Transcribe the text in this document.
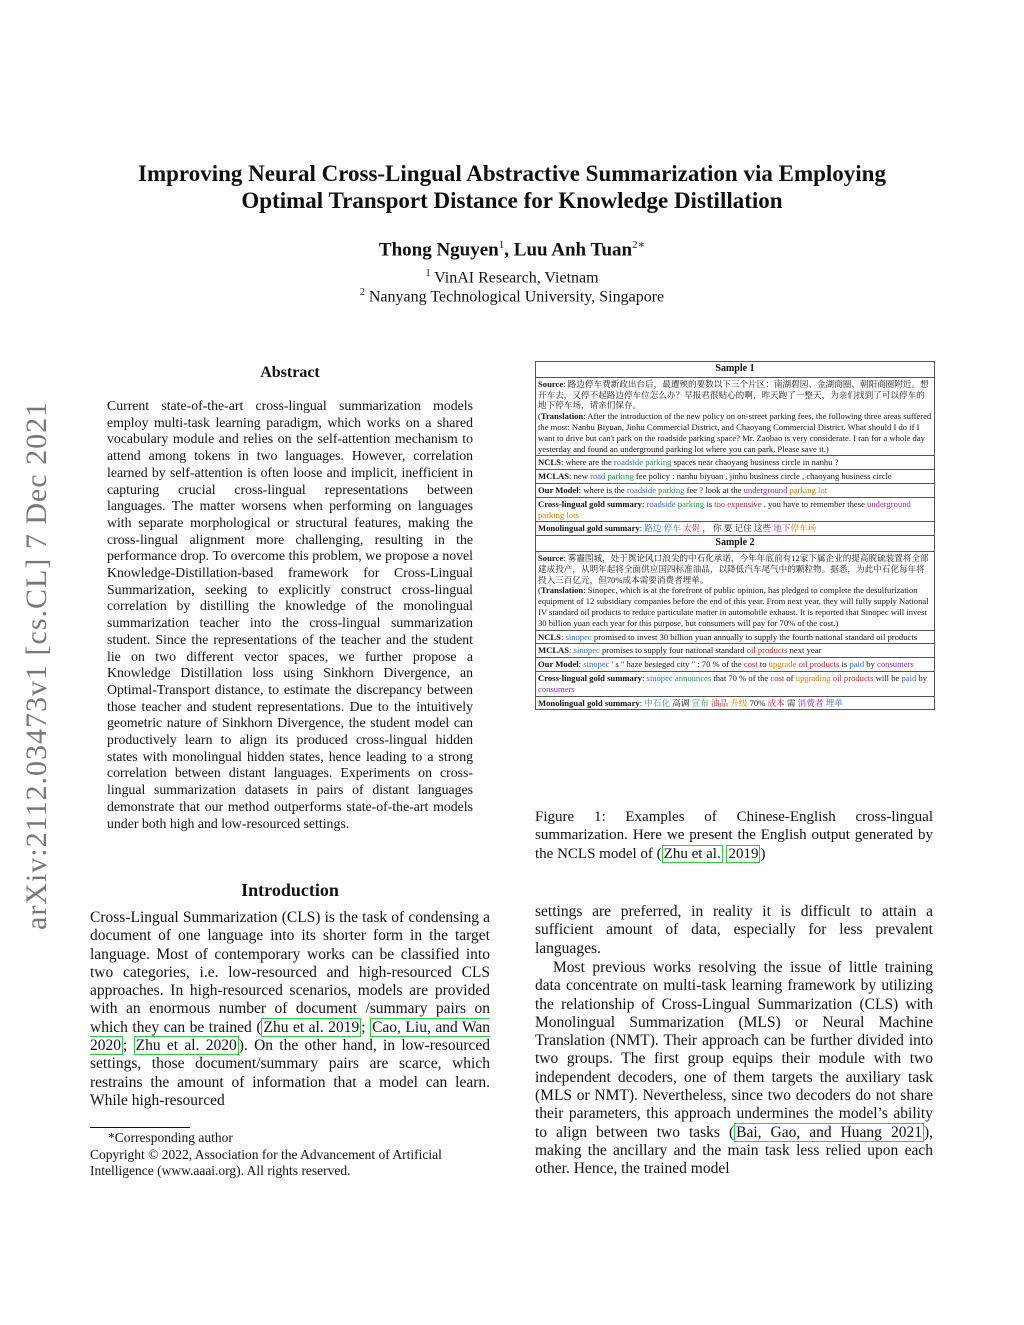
arXiv:2112.03473v1 [cs.CL] 7 Dec 2021
Improving Neural Cross-Lingual Abstractive Summarization via Employing
Optimal Transport Distance for Knowledge Distillation
Thong Nguyen$^1$, Luu Anh Tuan$^{2∗}$
$^1$ VinAI Research, Vietnam
$^2$ Nanyang Technological University, Singapore
Abstract
Current state-of-the-art cross-lingual summarization models employ multi-task learning paradigm, which works on a shared vocabulary module and relies on the self-attention mechanism to attend among tokens in two languages. However, correlation learned by self-attention is often loose and implicit, inefficient in capturing crucial cross-lingual representations between languages. The matter worsens when performing on languages with separate morphological or structural features, making the cross-lingual alignment more challenging, resulting in the performance drop. To overcome this problem, we propose a novel Knowledge-Distillation-based framework for Cross-Lingual Summarization, seeking to explicitly construct cross-lingual correlation by distilling the knowledge of the monolingual summarization teacher into the cross-lingual summarization student. Since the representations of the teacher and the student lie on two different vector spaces, we further propose a Knowledge Distillation loss using Sinkhorn Divergence, an Optimal-Transport distance, to estimate the discrepancy between those teacher and student representations. Due to the intuitively geometric nature of Sinkhorn Divergence, the student model can productively learn to align its produced cross-lingual hidden states with monolingual hidden states, hence leading to a strong correlation between distant languages. Experiments on cross-lingual summarization datasets in pairs of distant languages demonstrate that our method outperforms state-of-the-art models under both high and low-resourced settings.
Introduction
Cross-Lingual Summarization (CLS) is the task of condensing a document of one language into its shorter form in the target language. Most of contemporary works can be classified into two categories, i.e. low-resourced and high-resourced CLS approaches. In high-resourced scenarios, models are provided with an enormous number of document /summary pairs on which they can be trained ( Zhu et al. 2019 ; Cao, Liu, and Wan 2020 ; Zhu et al. 2020 ). On the other hand, in low-resourced settings, those document/summary pairs are scarce, which restrains the amount of information that a model can learn. While high-resourced
*Corresponding author
Copyright © 2022, Association for the Advancement of Artificial Intelligence (www.aaai.org). All rights reserved.
Sample 1
Source: 路边停车费新政出台后，最遭殃的要数以下三个片区：南湖碧园、金湖商圈、朝阳商圈附近。想开车去，又停不起路边停车位怎么办？早报君很贴心的啊，昨天跑了一整天，为亲们找到了可以停车的地下停车场，请亲们保存。
(Translation: After the introduction of the new policy on on-street parking fees, the following three areas suffered the most: Nanhu Biyuan, Jinhu Commercial District, and Chaoyang Commercial District. What should I do if I want to drive but can't park on the roadside parking space? Mr. Zaobao is very considerate. I ran for a whole day yesterday and found an underground parking lot where you can park. Please save it.)
NCLS: where are the roadside parking spaces near chaoyang business circle in nanhu ?
MCLAS: new road parking fee policy : nanhu biyuan , jinhu business circle , chaoyang business circle
Our Model: where is the roadside parking fee ? look at the underground parking lot
Cross-lingual gold summary: roadside parking is too expensive . you have to remember these underground parking lots
Monolingual gold summary: 路边 停车 太贵 ， 你 要 记住 这些 地下停车场
Sample 2
Source: 雾霾围城，处于舆论风口浪尖的中石化承诺，今年年底前有12家下属企业的提高脱硫装置将全部建成投产，从明年起将全面供应国四标准油品，以降低汽车尾气中的颗粒物。据悉，为此中石化每年将投入三百亿元，但70%成本需要消费者埋单。
(Translation: Sinopec, which is at the forefront of public opinion, has pledged to complete the desulfurization equipment of 12 subsidiary companies before the end of this year. From next year, they will fully supply National IV standard oil products to reduce particulate matter in automobile exhaust. It is reported that Sinopec will invest 30 billion yuan each year for this purpose, but consumers will pay for 70% of the cost.)
NCLS: sinopec promised to invest 30 billion yuan annually to supply the fourth national standard oil products
MCLAS: sinopec promises to supply four national standard oil products next year
Our Model: sinopec ' s " haze besieged city " : 70 % of the cost to upgrade oil products is paid by consumers
Cross-lingual gold summary: sinopec announces that 70 % of the cost of upgrading oil products will be paid by consumers
Monolingual gold summary: 中石化 高调 宣布 油品 升级 70% 成本 需 消费者 埋单
Figure 1: Examples of Chinese-English cross-lingual summarization. Here we present the English output generated by the NCLS model of ( Zhu et al. 2019 )
settings are preferred, in reality it is difficult to attain a sufficient amount of data, especially for less prevalent languages.
Most previous works resolving the issue of little training data concentrate on multi-task learning framework by utilizing the relationship of Cross-Lingual Summarization (CLS) with Monolingual Summarization (MLS) or Neural Machine Translation (NMT). Their approach can be further divided into two groups. The first group equips their module with two independent decoders, one of them targets the auxiliary task (MLS or NMT). Nevertheless, since two decoders do not share their parameters, this approach undermines the model’s ability to align between two tasks ( Bai, Gao, and Huang 2021 ), making the ancillary and the main task less relied upon each other. Hence, the trained model
